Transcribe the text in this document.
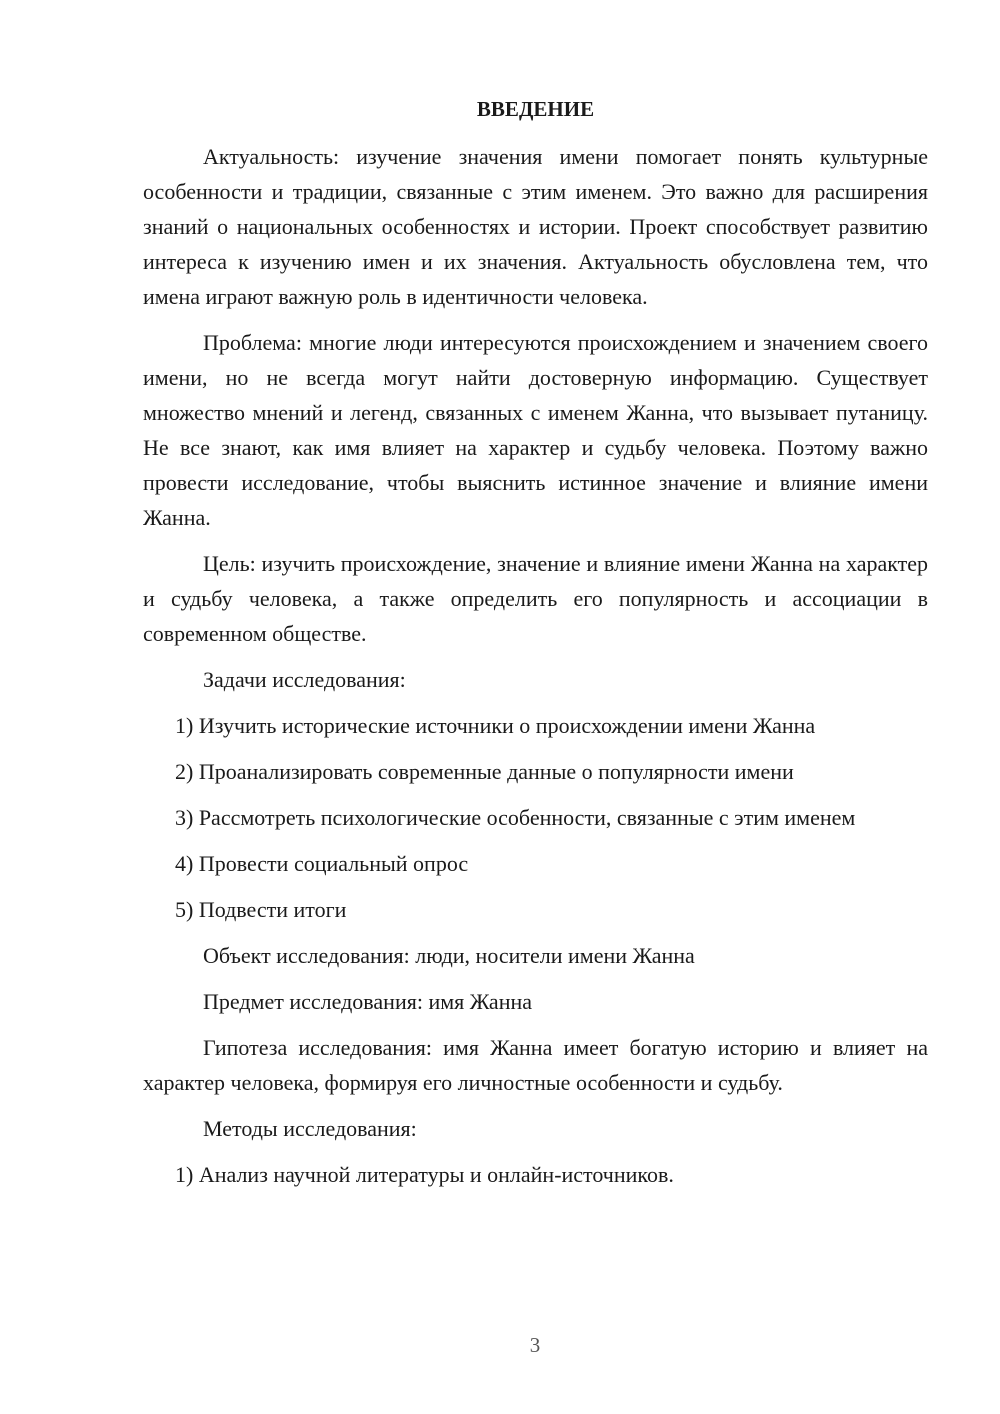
ВВЕДЕНИЕ

Актуальность: изучение значения имени помогает понять культурные особенности и традиции, связанные с этим именем. Это важно для расширения знаний о национальных особенностях и истории. Проект способствует развитию интереса к изучению имен и их значения. Актуальность обусловлена тем, что имена играют важную роль в идентичности человека.

Проблема: многие люди интересуются происхождением и значением своего имени, но не всегда могут найти достоверную информацию. Существует множество мнений и легенд, связанных с именем Жанна, что вызывает путаницу. Не все знают, как имя влияет на характер и судьбу человека. Поэтому важно провести исследование, чтобы выяснить истинное значение и влияние имени Жанна.

Цель: изучить происхождение, значение и влияние имени Жанна на характер и судьбу человека, а также определить его популярность и ассоциации в современном обществе.

Задачи исследования:

1) Изучить исторические источники о происхождении имени Жанна

2) Проанализировать современные данные о популярности имени

3) Рассмотреть психологические особенности, связанные с этим именем

4) Провести социальный опрос

5) Подвести итоги

Объект исследования: люди, носители имени Жанна

Предмет исследования: имя Жанна

Гипотеза исследования: имя Жанна имеет богатую историю и влияет на характер человека, формируя его личностные особенности и судьбу.

Методы исследования:

1) Анализ научной литературы и онлайн-источников.

3
